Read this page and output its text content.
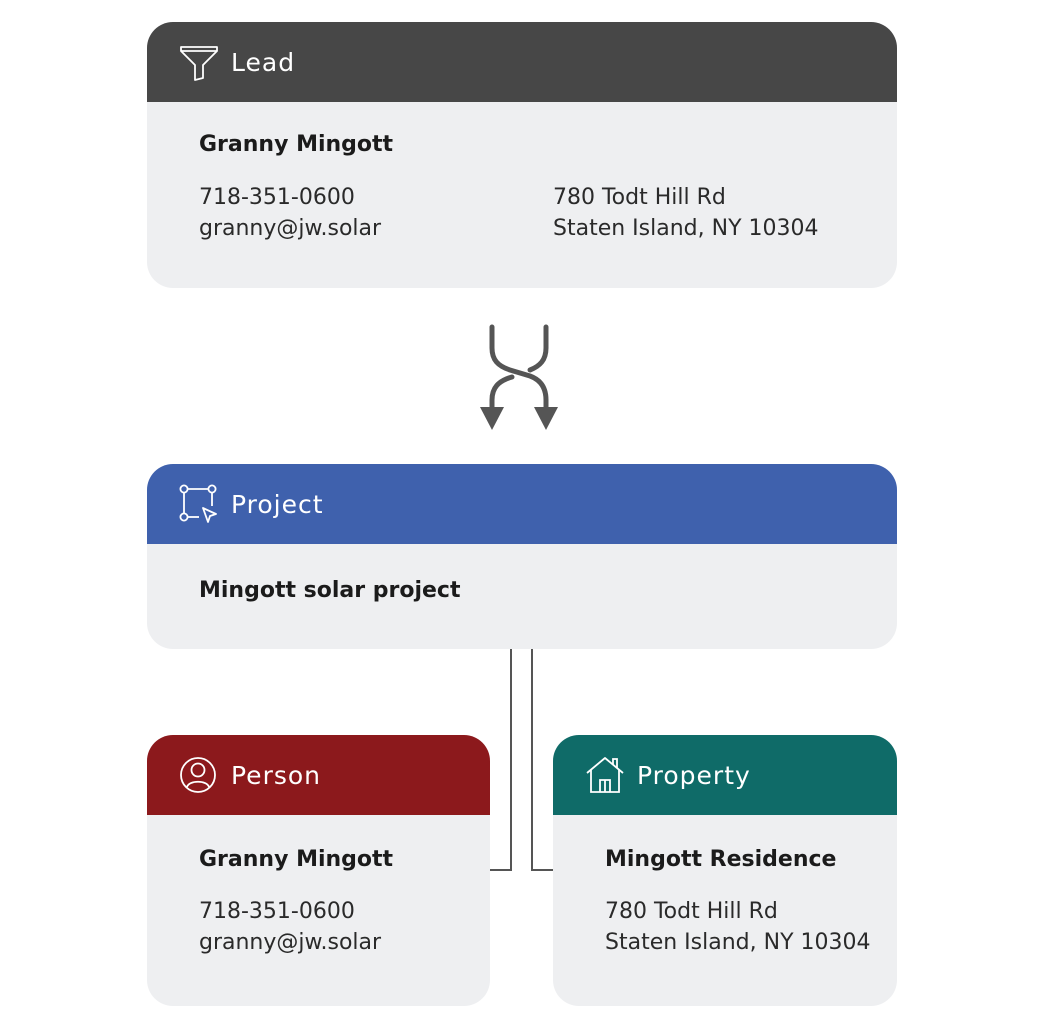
Lead
Granny Mingott
718-351-0600
granny@jw.solar
780 Todt Hill Rd
Staten Island, NY 10304
Project
Mingott solar project
Person
Granny Mingott
718-351-0600
granny@jw.solar
Property
Mingott Residence
780 Todt Hill Rd
Staten Island, NY 10304
